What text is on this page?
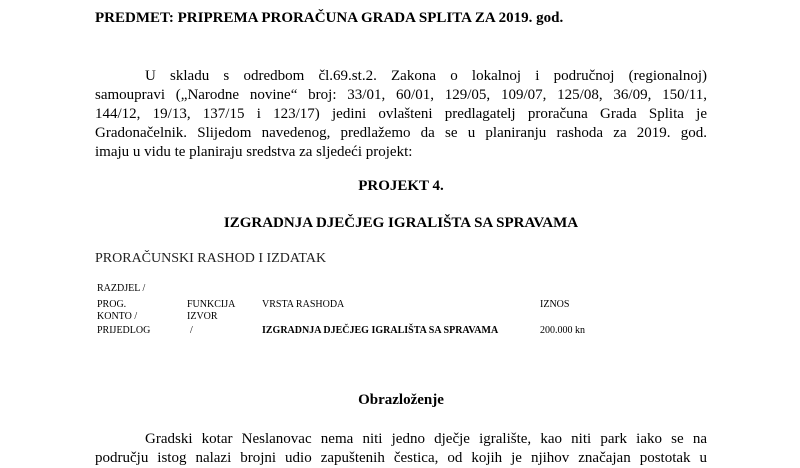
PREDMET: PRIPREMA PRORAČUNA GRADA SPLITA ZA 2019. god.
U skladu s odredbom čl.69.st.2. Zakona o lokalnoj i područnoj (regionalnoj)
samoupravi („Narodne novine“ broj: 33/01, 60/01, 129/05, 109/07, 125/08, 36/09, 150/11,
144/12, 19/13, 137/15 i 123/17) jedini ovlašteni predlagatelj proračuna Grada Splita je
Gradonačelnik. Slijedom navedenog, predlažemo da se u planiranju rashoda za 2019. god.
imaju u vidu te planiraju sredstva za sljedeći projekt:
PROJEKT 4.
IZGRADNJA DJEČJEG IGRALIŠTA SA SPRAVAMA
PRORAČUNSKI RASHOD I IZDATAK
RAZDJEL /
PROG.
KONTO /
PRIJEDLOG
FUNKCIJA
IZVOR
/
VRSTA RASHODA
IZGRADNJA DJEČJEG IGRALIŠTA SA SPRAVAMA
IZNOS
200.000 kn
Obrazloženje
Gradski kotar Neslanovac nema niti jedno dječje igralište, kao niti park iako se na
području istog nalazi brojni udio zapuštenih čestica, od kojih je njihov značajan postotak u
